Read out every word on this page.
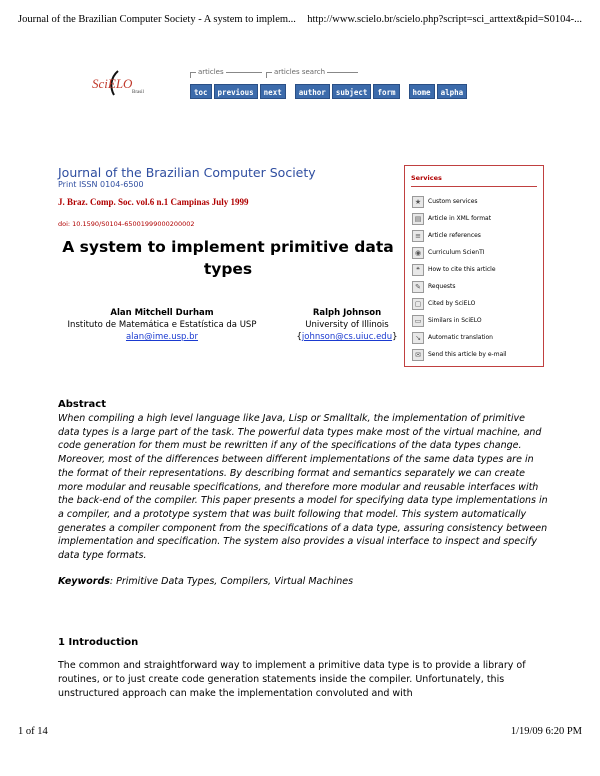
Journal of the Brazilian Computer Society - A system to implem... http://www.scielo.br/scielo.php?script=sci_arttext&pid=S0104-...
SciELO
Brasil
articles	articles search
toc	previous	next	author	subject	form	home	alpha
Journal of the Brazilian Computer Society
Print ISSN 0104-6500
J. Braz. Comp. Soc. vol.6 n.1 Campinas July 1999
doi: 10.1590/S0104-65001999000200002
A system to implement primitive data types
Alan Mitchell Durham
Instituto de Matemática e Estatística da USP
alan@ime.usp.br
Ralph Johnson
University of Illinois
{johnson@cs.uiuc.edu}
Services
★	Custom services
▤	Article in XML format
≡	Article references
◉	Curriculum ScienTI
❝	How to cite this article
✎	Requests
▢	Cited by SciELO
▭	Similars in SciELO
↘	Automatic translation
✉	Send this article by e-mail
Abstract
When compiling a high level language like Java, Lisp or Smalltalk, the implementation of primitive data types is a large part of the task. The powerful data types make most of the virtual machine, and code generation for them must be rewritten if any of the specifications of the data types change. Moreover, most of the differences between different implementations of the same data types are in the format of their representations. By describing format and semantics separately we can create more modular and reusable specifications, and therefore more modular and reusable interfaces with the back-end of the compiler. This paper presents a model for specifying data type implementations in a compiler, and a prototype system that was built following that model. This system automatically generates a compiler component from the specifications of a data type, assuring consistency between implementation and specification. The system also provides a visual interface to inspect and specify data type formats.
Keywords: Primitive Data Types, Compilers, Virtual Machines
1 Introduction
The common and straightforward way to implement a primitive data type is to provide a library of routines, or to just create code generation statements inside the compiler. Unfortunately, this unstructured approach can make the implementation convoluted and with
1 of 14	1/19/09 6:20 PM
